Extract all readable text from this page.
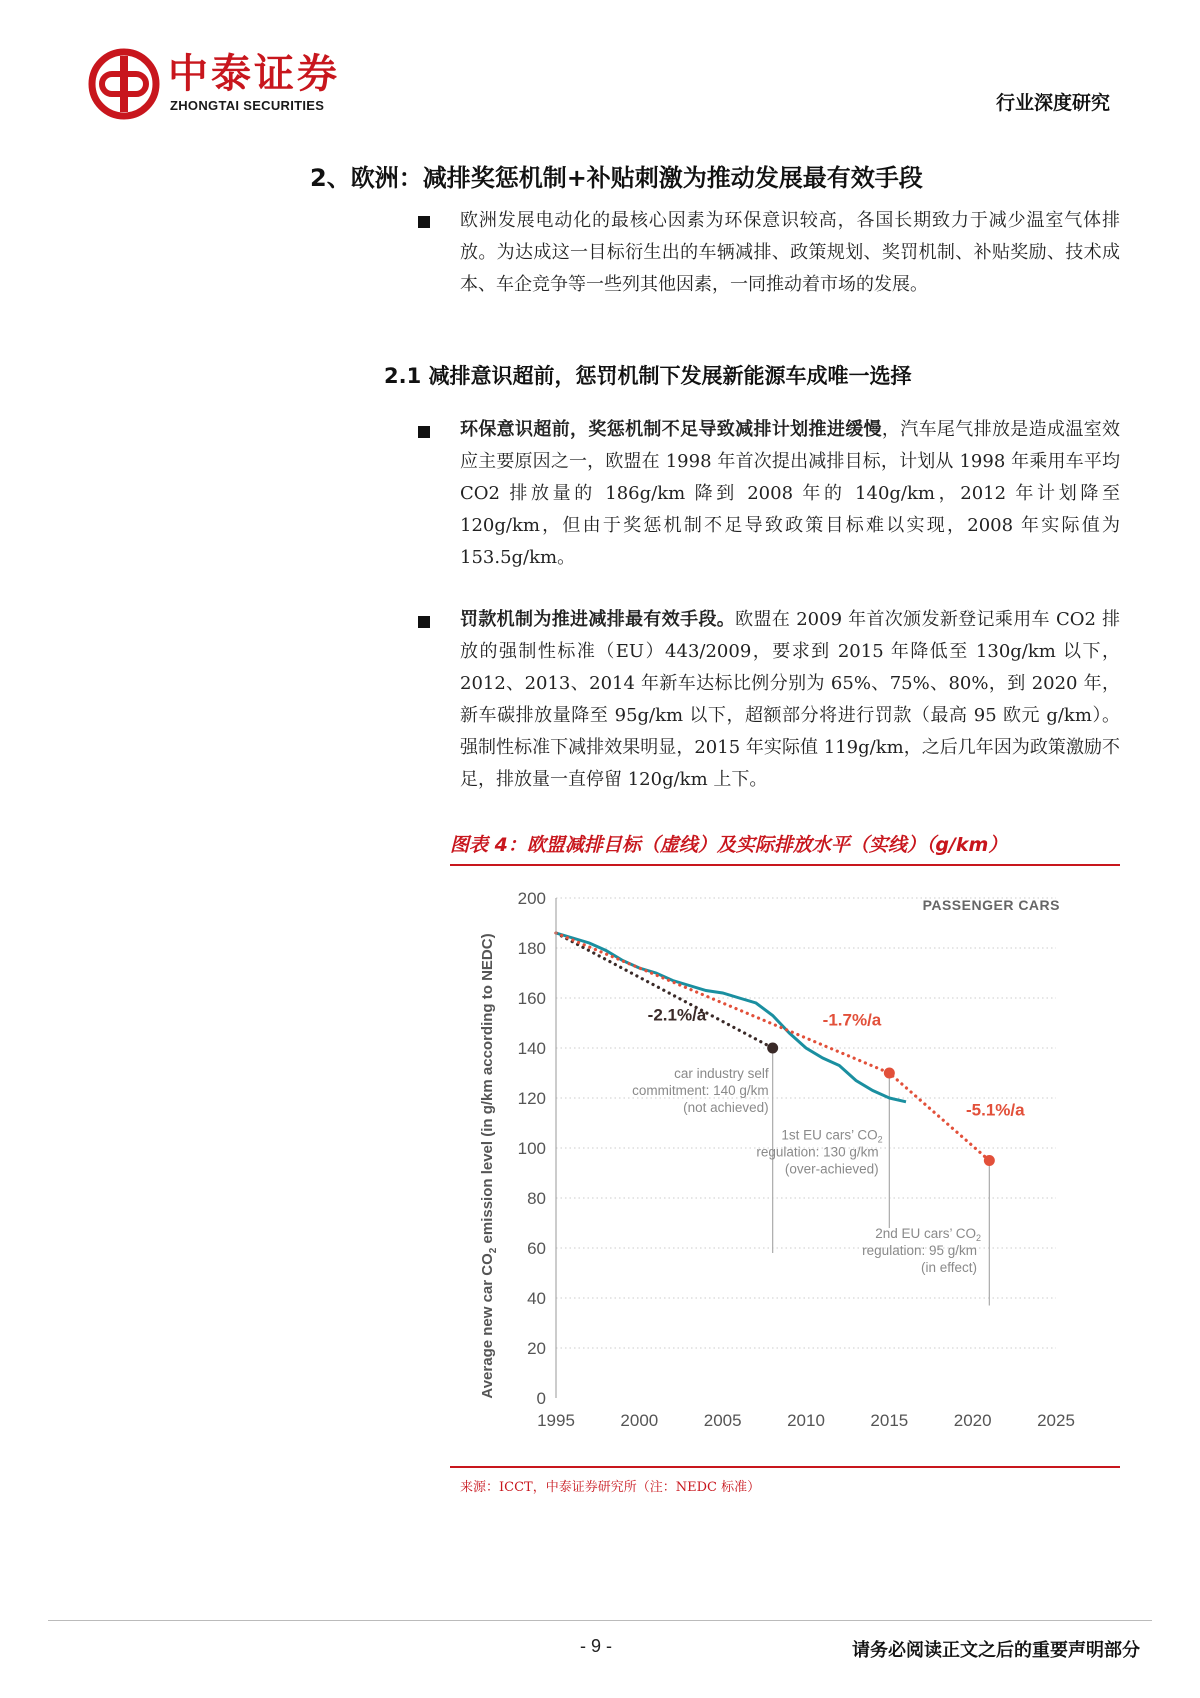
中泰证券
ZHONGTAI SECURITIES	行业深度研究
2、欧洲：减排奖惩机制+补贴刺激为推动发展最有效手段
欧洲发展电动化的最核心因素为环保意识较高，各国长期致力于减少温室气体排放。为达成这一目标衍生出的车辆减排、政策规划、奖罚机制、补贴奖励、技术成本、车企竞争等一些列其他因素，一同推动着市场的发展。
2.1 减排意识超前，惩罚机制下发展新能源车成唯一选择
环保意识超前，奖惩机制不足导致减排计划推进缓慢，汽车尾气排放是造成温室效应主要原因之一，欧盟在 1998 年首次提出减排目标，计划从 1998 年乘用车平均 CO2 排放量的 186g/km 降到 2008 年的 140g/km，2012 年计划降至 120g/km，但由于奖惩机制不足导致政策目标难以实现，2008 年实际值为 153.5g/km。
罚款机制为推进减排最有效手段。欧盟在 2009 年首次颁发新登记乘用车 CO2 排放的强制性标准（EU）443/2009，要求到 2015 年降低至 130g/km 以下，2012、2013、2014 年新车达标比例分别为 65%、75%、80%，到 2020 年，新车碳排放量降至 95g/km 以下，超额部分将进行罚款（最高 95 欧元 g/km）。强制性标准下减排效果明显，2015 年实际值 119g/km，之后几年因为政策激励不足，排放量一直停留 120g/km 上下。
图表 4：欧盟减排目标（虚线）及实际排放水平（实线）（g/km）
Average new car $CO_2$ emission level (in g/km according to NEDC)
PASSENGER CARS
0
20
40
60
80
100
120
140
160
180
200
1995	2000	2005	2010	2015	2020	2025
-2.1%/a	-1.7%/a
-5.1%/a
car industry self
commitment: 140 g/km
(not achieved)
1st EU cars’ $CO_2$
regulation: 130 g/km
(over-achieved)
2nd EU cars’ $CO_2$
regulation: 95 g/km
(in effect)
来源：ICCT，中泰证券研究所（注：NEDC 标准）
- 9 -	请务必阅读正文之后的重要声明部分
